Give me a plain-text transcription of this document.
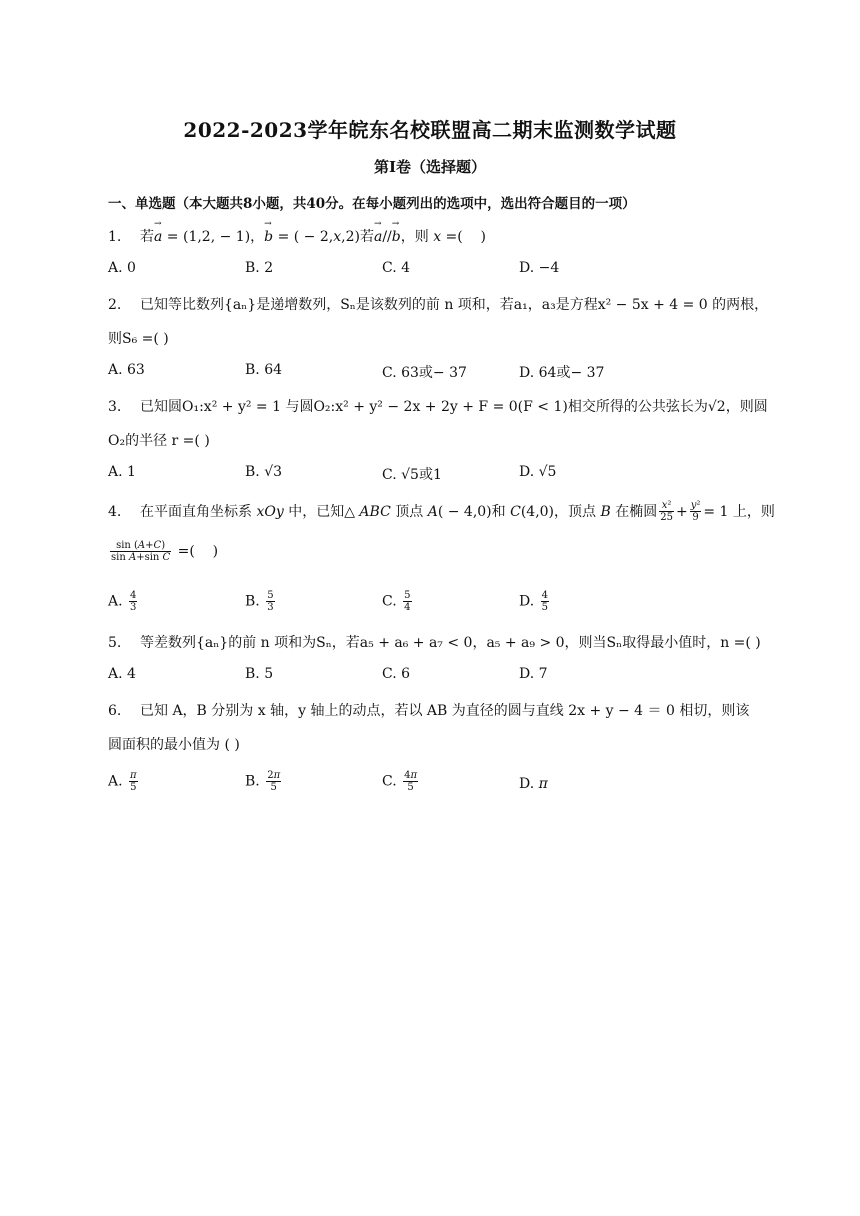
2022-2023学年皖东名校联盟高二期末监测数学试题
第I卷（选择题）
一、单选题（本大题共8小题，共40分。在每小题列出的选项中，选出符合题目的一项）
1. 若→ a = (1,2, − 1)，→ b = ( − 2,x,2)若→ a//→ b，则 x =(    )
A. 0	B. 2	C. 4	D. −4
2. 已知等比数列{aₙ}是递增数列，Sₙ是该数列的前 n 项和，若a₁，a₃是方程x² − 5x + 4 = 0 的两根，
则S₆ =( )
A. 63	B. 64	C. 63或− 37	D. 64或− 37
3. 已知圆O₁:x² + y² = 1 与圆O₂:x² + y² − 2x + 2y + F = 0(F < 1)相交所得的公共弦长为√2，则圆
O₂的半径 r =( )
A. 1	B. √3	C. √5或1	D. √5
4. 在平面直角坐标系 xOy 中，已知△ ABC 顶点 A( − 4,0)和 C(4,0)，顶点 B 在椭圆 $\frac{\text{x²}}{25} + \frac{\text{y²}}{9} = 1$ 上，则
$\frac{\sin (A+C)}{\text{sin A+sin C}}$ =(    )
A. $\frac{4}{3}$	B. $\frac{5}{3}$	C. $\frac{5}{4}$	D. $\frac{4}{5}$
5. 等差数列{aₙ}的前 n 项和为Sₙ，若a₅ + a₆ + a₇ < 0，a₅ + a₉ > 0，则当Sₙ取得最小值时，n =( )
A. 4	B. 5	C. 6	D. 7
6. 已知 A，B 分别为 x 轴，y 轴上的动点，若以 AB 为直径的圆与直线 2x + y − 4 ＝ 0 相切，则该
圆面积的最小值为 ( )
A. $\frac{\pi}{5}$	B. $\frac{2\pi}{5}$	C. $\frac{4\pi}{5}$	D. π
